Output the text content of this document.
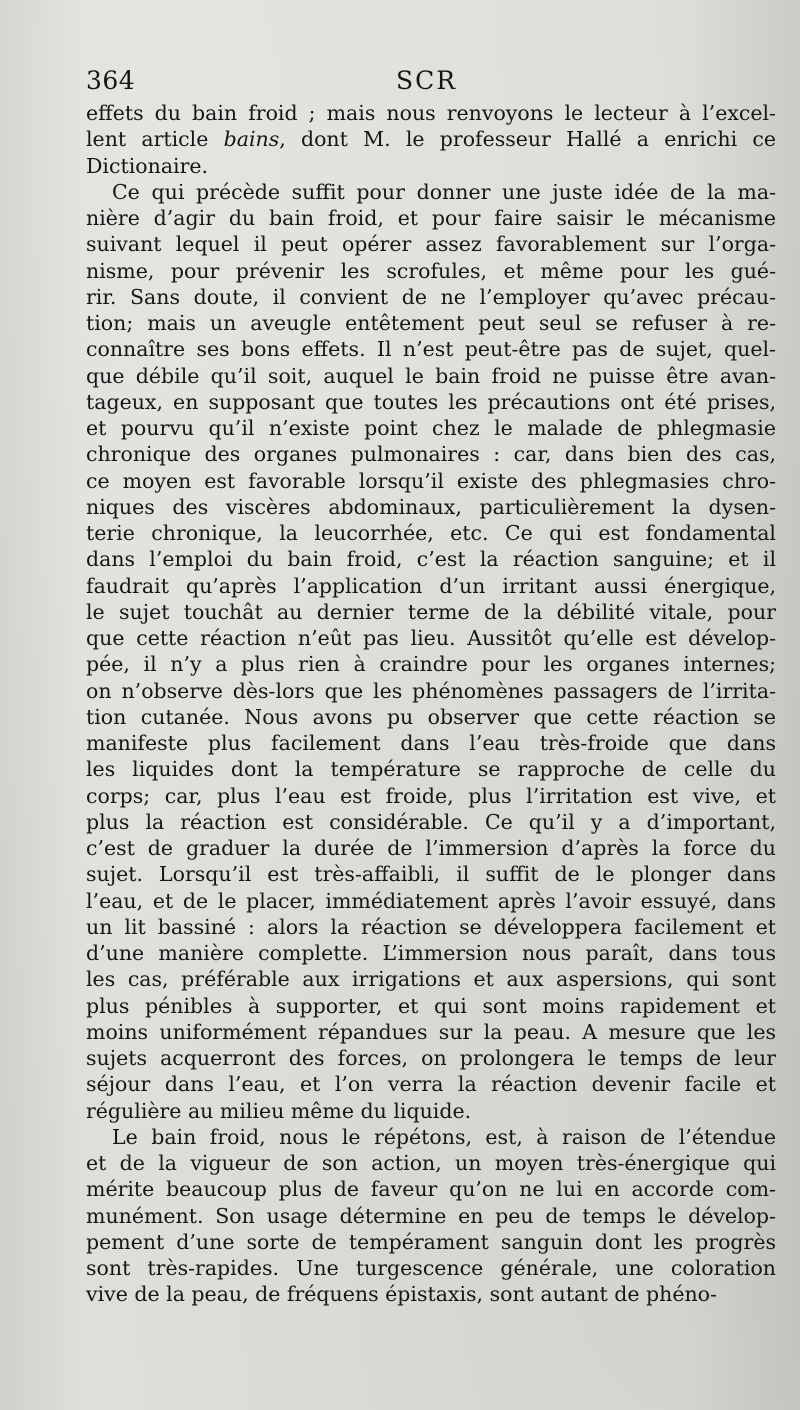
364	SCR
effets du bain froid ; mais nous renvoyons le lecteur à l’excel-
lent article bains, dont M. le professeur Hallé a enrichi ce
Dictionaire.
Ce qui précède suffit pour donner une juste idée de la ma-
nière d’agir du bain froid, et pour faire saisir le mécanisme
suivant lequel il peut opérer assez favorablement sur l’orga-
nisme, pour prévenir les scrofules, et même pour les gué-
rir. Sans doute, il convient de ne l’employer qu’avec précau-
tion; mais un aveugle entêtement peut seul se refuser à re-
connaître ses bons effets. Il n’est peut-être pas de sujet, quel-
que débile qu’il soit, auquel le bain froid ne puisse être avan-
tageux, en supposant que toutes les précautions ont été prises,
et pourvu qu’il n’existe point chez le malade de phlegmasie
chronique des organes pulmonaires : car, dans bien des cas,
ce moyen est favorable lorsqu’il existe des phlegmasies chro-
niques des viscères abdominaux, particulièrement la dysen-
terie chronique, la leucorrhée, etc. Ce qui est fondamental
dans l’emploi du bain froid, c’est la réaction sanguine; et il
faudrait qu’après l’application d’un irritant aussi énergique,
le sujet touchât au dernier terme de la débilité vitale, pour
que cette réaction n’eût pas lieu. Aussitôt qu’elle est dévelop-
pée, il n’y a plus rien à craindre pour les organes internes;
on n’observe dès-lors que les phénomènes passagers de l’irrita-
tion cutanée. Nous avons pu observer que cette réaction se
manifeste plus facilement dans l’eau très-froide que dans
les liquides dont la température se rapproche de celle du
corps; car, plus l’eau est froide, plus l’irritation est vive, et
plus la réaction est considérable. Ce qu’il y a d’important,
c’est de graduer la durée de l’immersion d’après la force du
sujet. Lorsqu’il est très-affaibli, il suffit de le plonger dans
l’eau, et de le placer, immédiatement après l’avoir essuyé, dans
un lit bassiné : alors la réaction se développera facilement et
d’une manière complette. L’immersion nous paraît, dans tous
les cas, préférable aux irrigations et aux aspersions, qui sont
plus pénibles à supporter, et qui sont moins rapidement et
moins uniformément répandues sur la peau. A mesure que les
sujets acquerront des forces, on prolongera le temps de leur
séjour dans l’eau, et l’on verra la réaction devenir facile et
régulière au milieu même du liquide.
Le bain froid, nous le répétons, est, à raison de l’étendue
et de la vigueur de son action, un moyen très-énergique qui
mérite beaucoup plus de faveur qu’on ne lui en accorde com-
munément. Son usage détermine en peu de temps le dévelop-
pement d’une sorte de tempérament sanguin dont les progrès
sont très-rapides. Une turgescence générale, une coloration
vive de la peau, de fréquens épistaxis, sont autant de phéno-
